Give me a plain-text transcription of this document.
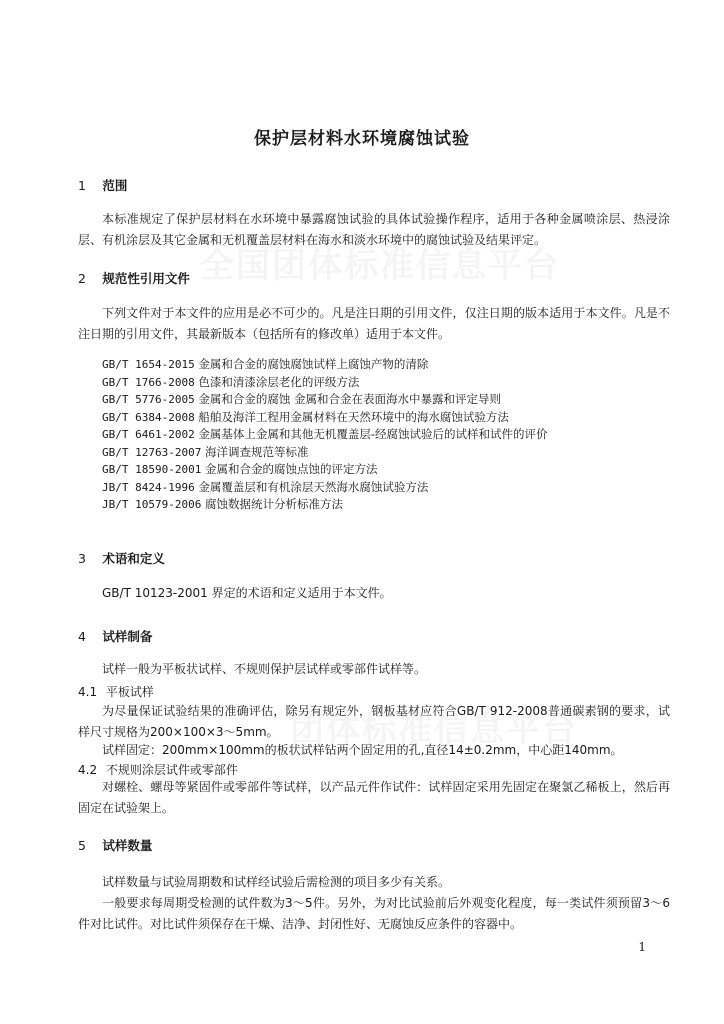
全国团体标准信息平台
团体标准信息平台
保护层材料水环境腐蚀试验
1 范围
本标准规定了保护层材料在水环境中暴露腐蚀试验的具体试验操作程序，适用于各种金属喷涂层、热浸涂层、有机涂层及其它金属和无机覆盖层材料在海水和淡水环境中的腐蚀试验及结果评定。
2 规范性引用文件
下列文件对于本文件的应用是必不可少的。凡是注日期的引用文件，仅注日期的版本适用于本文件。凡是不注日期的引用文件，其最新版本（包括所有的修改单）适用于本文件。
GB/T 1654-2015 金属和合金的腐蚀腐蚀试样上腐蚀产物的清除
GB/T 1766-2008 色漆和清漆涂层老化的评级方法
GB/T 5776-2005 金属和合金的腐蚀 金属和合金在表面海水中暴露和评定导则
GB/T 6384-2008 船舶及海洋工程用金属材料在天然环境中的海水腐蚀试验方法
GB/T 6461-2002 金属基体上金属和其他无机覆盖层-经腐蚀试验后的试样和试件的评价
GB/T 12763-2007 海洋调查规范等标准
GB/T 18590-2001 金属和合金的腐蚀点蚀的评定方法
JB/T 8424-1996 金属覆盖层和有机涂层天然海水腐蚀试验方法
JB/T 10579-2006 腐蚀数据统计分析标准方法
3 术语和定义
GB/T 10123-2001 界定的术语和定义适用于本文件。
4 试样制备
试样一般为平板状试样、不规则保护层试样或零部件试样等。
4.1 平板试样
为尽量保证试验结果的准确评估，除另有规定外，钢板基材应符合GB/T 912-2008普通碳素钢的要求，试样尺寸规格为200×100×3～5mm。
试样固定：200mm×100mm的板状试样钻两个固定用的孔,直径14±0.2mm，中心距140mm。
4.2 不规则涂层试件或零部件
对螺栓、螺母等紧固件或零部件等试样，以产品元件作试件：试样固定采用先固定在聚氯乙稀板上，然后再固定在试验架上。
5 试样数量
试样数量与试验周期数和试样经试验后需检测的项目多少有关系。
一般要求每周期受检测的试件数为3～5件。另外，为对比试验前后外观变化程度，每一类试件须预留3～6件对比试件。对比试件须保存在干燥、洁净、封闭性好、无腐蚀反应条件的容器中。
1
